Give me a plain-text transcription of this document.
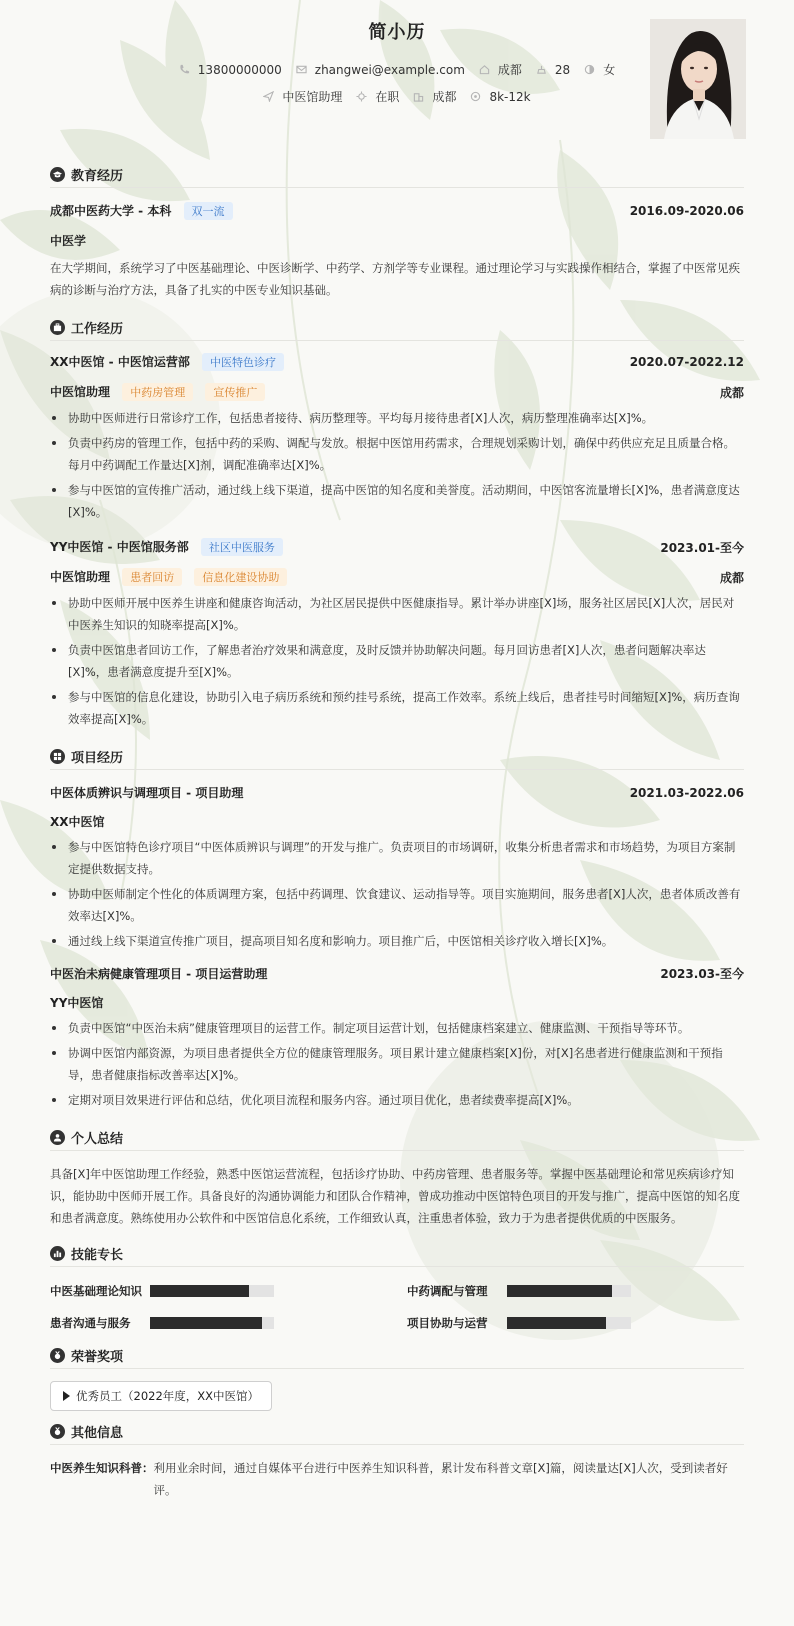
简小历
13800000000	zhangwei@example.com	成都	28	女
中医馆助理	在职	成都	8k-12k
教育经历
成都中医药大学 - 本科 双一流	2016.09-2020.06
中医学
在大学期间，系统学习了中医基础理论、中医诊断学、中药学、方剂学等专业课程。通过理论学习与实践操作相结合，掌握了中医常见疾病的诊断与治疗方法，具备了扎实的中医专业知识基础。
工作经历
XX中医馆 - 中医馆运营部 中医特色诊疗	2020.07-2022.12
中医馆助理 中药房管理	宣传推广	成都
协助中医师进行日常诊疗工作，包括患者接待、病历整理等。平均每月接待患者[X]人次，病历整理准确率达[X]%。
负责中药房的管理工作，包括中药的采购、调配与发放。根据中医馆用药需求，合理规划采购计划，确保中药供应充足且质量合格。每月中药调配工作量达[X]剂，调配准确率达[X]%。
参与中医馆的宣传推广活动，通过线上线下渠道，提高中医馆的知名度和美誉度。活动期间，中医馆客流量增长[X]%，患者满意度达[X]%。
YY中医馆 - 中医馆服务部 社区中医服务	2023.01-至今
中医馆助理 患者回访	信息化建设协助	成都
协助中医师开展中医养生讲座和健康咨询活动，为社区居民提供中医健康指导。累计举办讲座[X]场，服务社区居民[X]人次，居民对中医养生知识的知晓率提高[X]%。
负责中医馆患者回访工作，了解患者治疗效果和满意度，及时反馈并协助解决问题。每月回访患者[X]人次，患者问题解决率达[X]%，患者满意度提升至[X]%。
参与中医馆的信息化建设，协助引入电子病历系统和预约挂号系统，提高工作效率。系统上线后，患者挂号时间缩短[X]%，病历查询效率提高[X]%。
项目经历
中医体质辨识与调理项目 - 项目助理	2021.03-2022.06
XX中医馆
参与中医馆特色诊疗项目“中医体质辨识与调理”的开发与推广。负责项目的市场调研，收集分析患者需求和市场趋势，为项目方案制定提供数据支持。
协助中医师制定个性化的体质调理方案，包括中药调理、饮食建议、运动指导等。项目实施期间，服务患者[X]人次，患者体质改善有效率达[X]%。
通过线上线下渠道宣传推广项目，提高项目知名度和影响力。项目推广后，中医馆相关诊疗收入增长[X]%。
中医治未病健康管理项目 - 项目运营助理	2023.03-至今
YY中医馆
负责中医馆“中医治未病”健康管理项目的运营工作。制定项目运营计划，包括健康档案建立、健康监测、干预指导等环节。
协调中医馆内部资源，为项目患者提供全方位的健康管理服务。项目累计建立健康档案[X]份，对[X]名患者进行健康监测和干预指导，患者健康指标改善率达[X]%。
定期对项目效果进行评估和总结，优化项目流程和服务内容。通过项目优化，患者续费率提高[X]%。
个人总结
具备[X]年中医馆助理工作经验，熟悉中医馆运营流程，包括诊疗协助、中药房管理、患者服务等。掌握中医基础理论和常见疾病诊疗知识，能协助中医师开展工作。具备良好的沟通协调能力和团队合作精神，曾成功推动中医馆特色项目的开发与推广，提高中医馆的知名度和患者满意度。熟练使用办公软件和中医馆信息化系统，工作细致认真，注重患者体验，致力于为患者提供优质的中医服务。
技能专长
中医基础理论知识	中药调配与管理
患者沟通与服务	项目协助与运营
荣誉奖项
优秀员工（2022年度，XX中医馆）
其他信息
中医养生知识科普： 利用业余时间，通过自媒体平台进行中医养生知识科普，累计发布科普文章[X]篇，阅读量达[X]人次，受到读者好评。
